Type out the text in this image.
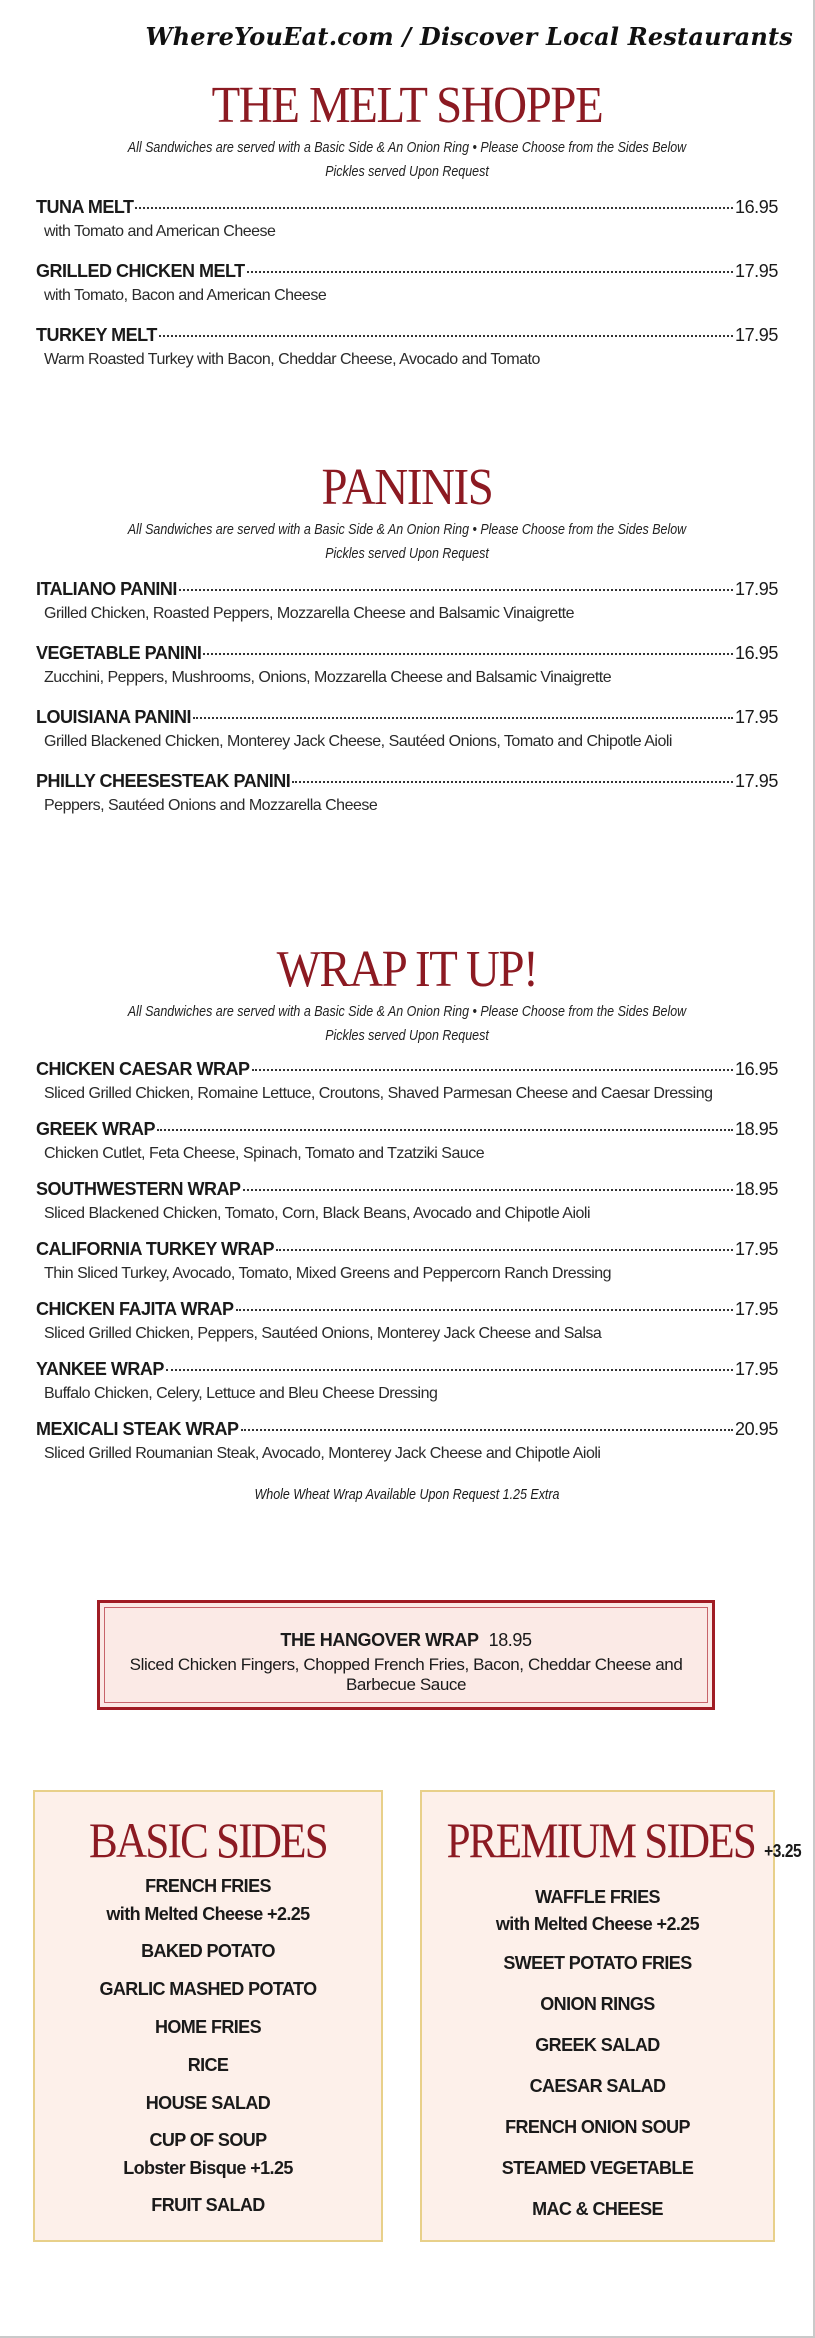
WhereYouEat.com / Discover Local Restaurants
THE MELT SHOPPE
All Sandwiches are served with a Basic Side & An Onion Ring • Please Choose from the Sides Below
Pickles served Upon Request
TUNA MELT	16.95
with Tomato and American Cheese
GRILLED CHICKEN MELT	17.95
with Tomato, Bacon and American Cheese
TURKEY MELT	17.95
Warm Roasted Turkey with Bacon, Cheddar Cheese, Avocado and Tomato
PANINIS
All Sandwiches are served with a Basic Side & An Onion Ring • Please Choose from the Sides Below
Pickles served Upon Request
ITALIANO PANINI	17.95
Grilled Chicken, Roasted Peppers, Mozzarella Cheese and Balsamic Vinaigrette
VEGETABLE PANINI	16.95
Zucchini, Peppers, Mushrooms, Onions, Mozzarella Cheese and Balsamic Vinaigrette
LOUISIANA PANINI	17.95
Grilled Blackened Chicken, Monterey Jack Cheese, Sautéed Onions, Tomato and Chipotle Aioli
PHILLY CHEESESTEAK PANINI	17.95
Peppers, Sautéed Onions and Mozzarella Cheese
WRAP IT UP!
All Sandwiches are served with a Basic Side & An Onion Ring • Please Choose from the Sides Below
Pickles served Upon Request
CHICKEN CAESAR WRAP	16.95
Sliced Grilled Chicken, Romaine Lettuce, Croutons, Shaved Parmesan Cheese and Caesar Dressing
GREEK WRAP	18.95
Chicken Cutlet, Feta Cheese, Spinach, Tomato and Tzatziki Sauce
SOUTHWESTERN WRAP	18.95
Sliced Blackened Chicken, Tomato, Corn, Black Beans, Avocado and Chipotle Aioli
CALIFORNIA TURKEY WRAP	17.95
Thin Sliced Turkey, Avocado, Tomato, Mixed Greens and Peppercorn Ranch Dressing
CHICKEN FAJITA WRAP	17.95
Sliced Grilled Chicken, Peppers, Sautéed Onions, Monterey Jack Cheese and Salsa
YANKEE WRAP	17.95
Buffalo Chicken, Celery, Lettuce and Bleu Cheese Dressing
MEXICALI STEAK WRAP	20.95
Sliced Grilled Roumanian Steak, Avocado, Monterey Jack Cheese and Chipotle Aioli
Whole Wheat Wrap Available Upon Request 1.25 Extra
THE HANGOVER WRAP 18.95
Sliced Chicken Fingers, Chopped French Fries, Bacon, Cheddar Cheese and Barbecue Sauce
BASIC SIDES
FRENCH FRIES
with Melted Cheese +2.25
BAKED POTATO
GARLIC MASHED POTATO
HOME FRIES
RICE
HOUSE SALAD
CUP OF SOUP
Lobster Bisque +1.25
FRUIT SALAD
PREMIUM SIDES +3.25
WAFFLE FRIES
with Melted Cheese +2.25
SWEET POTATO FRIES
ONION RINGS
GREEK SALAD
CAESAR SALAD
FRENCH ONION SOUP
STEAMED VEGETABLE
MAC & CHEESE
